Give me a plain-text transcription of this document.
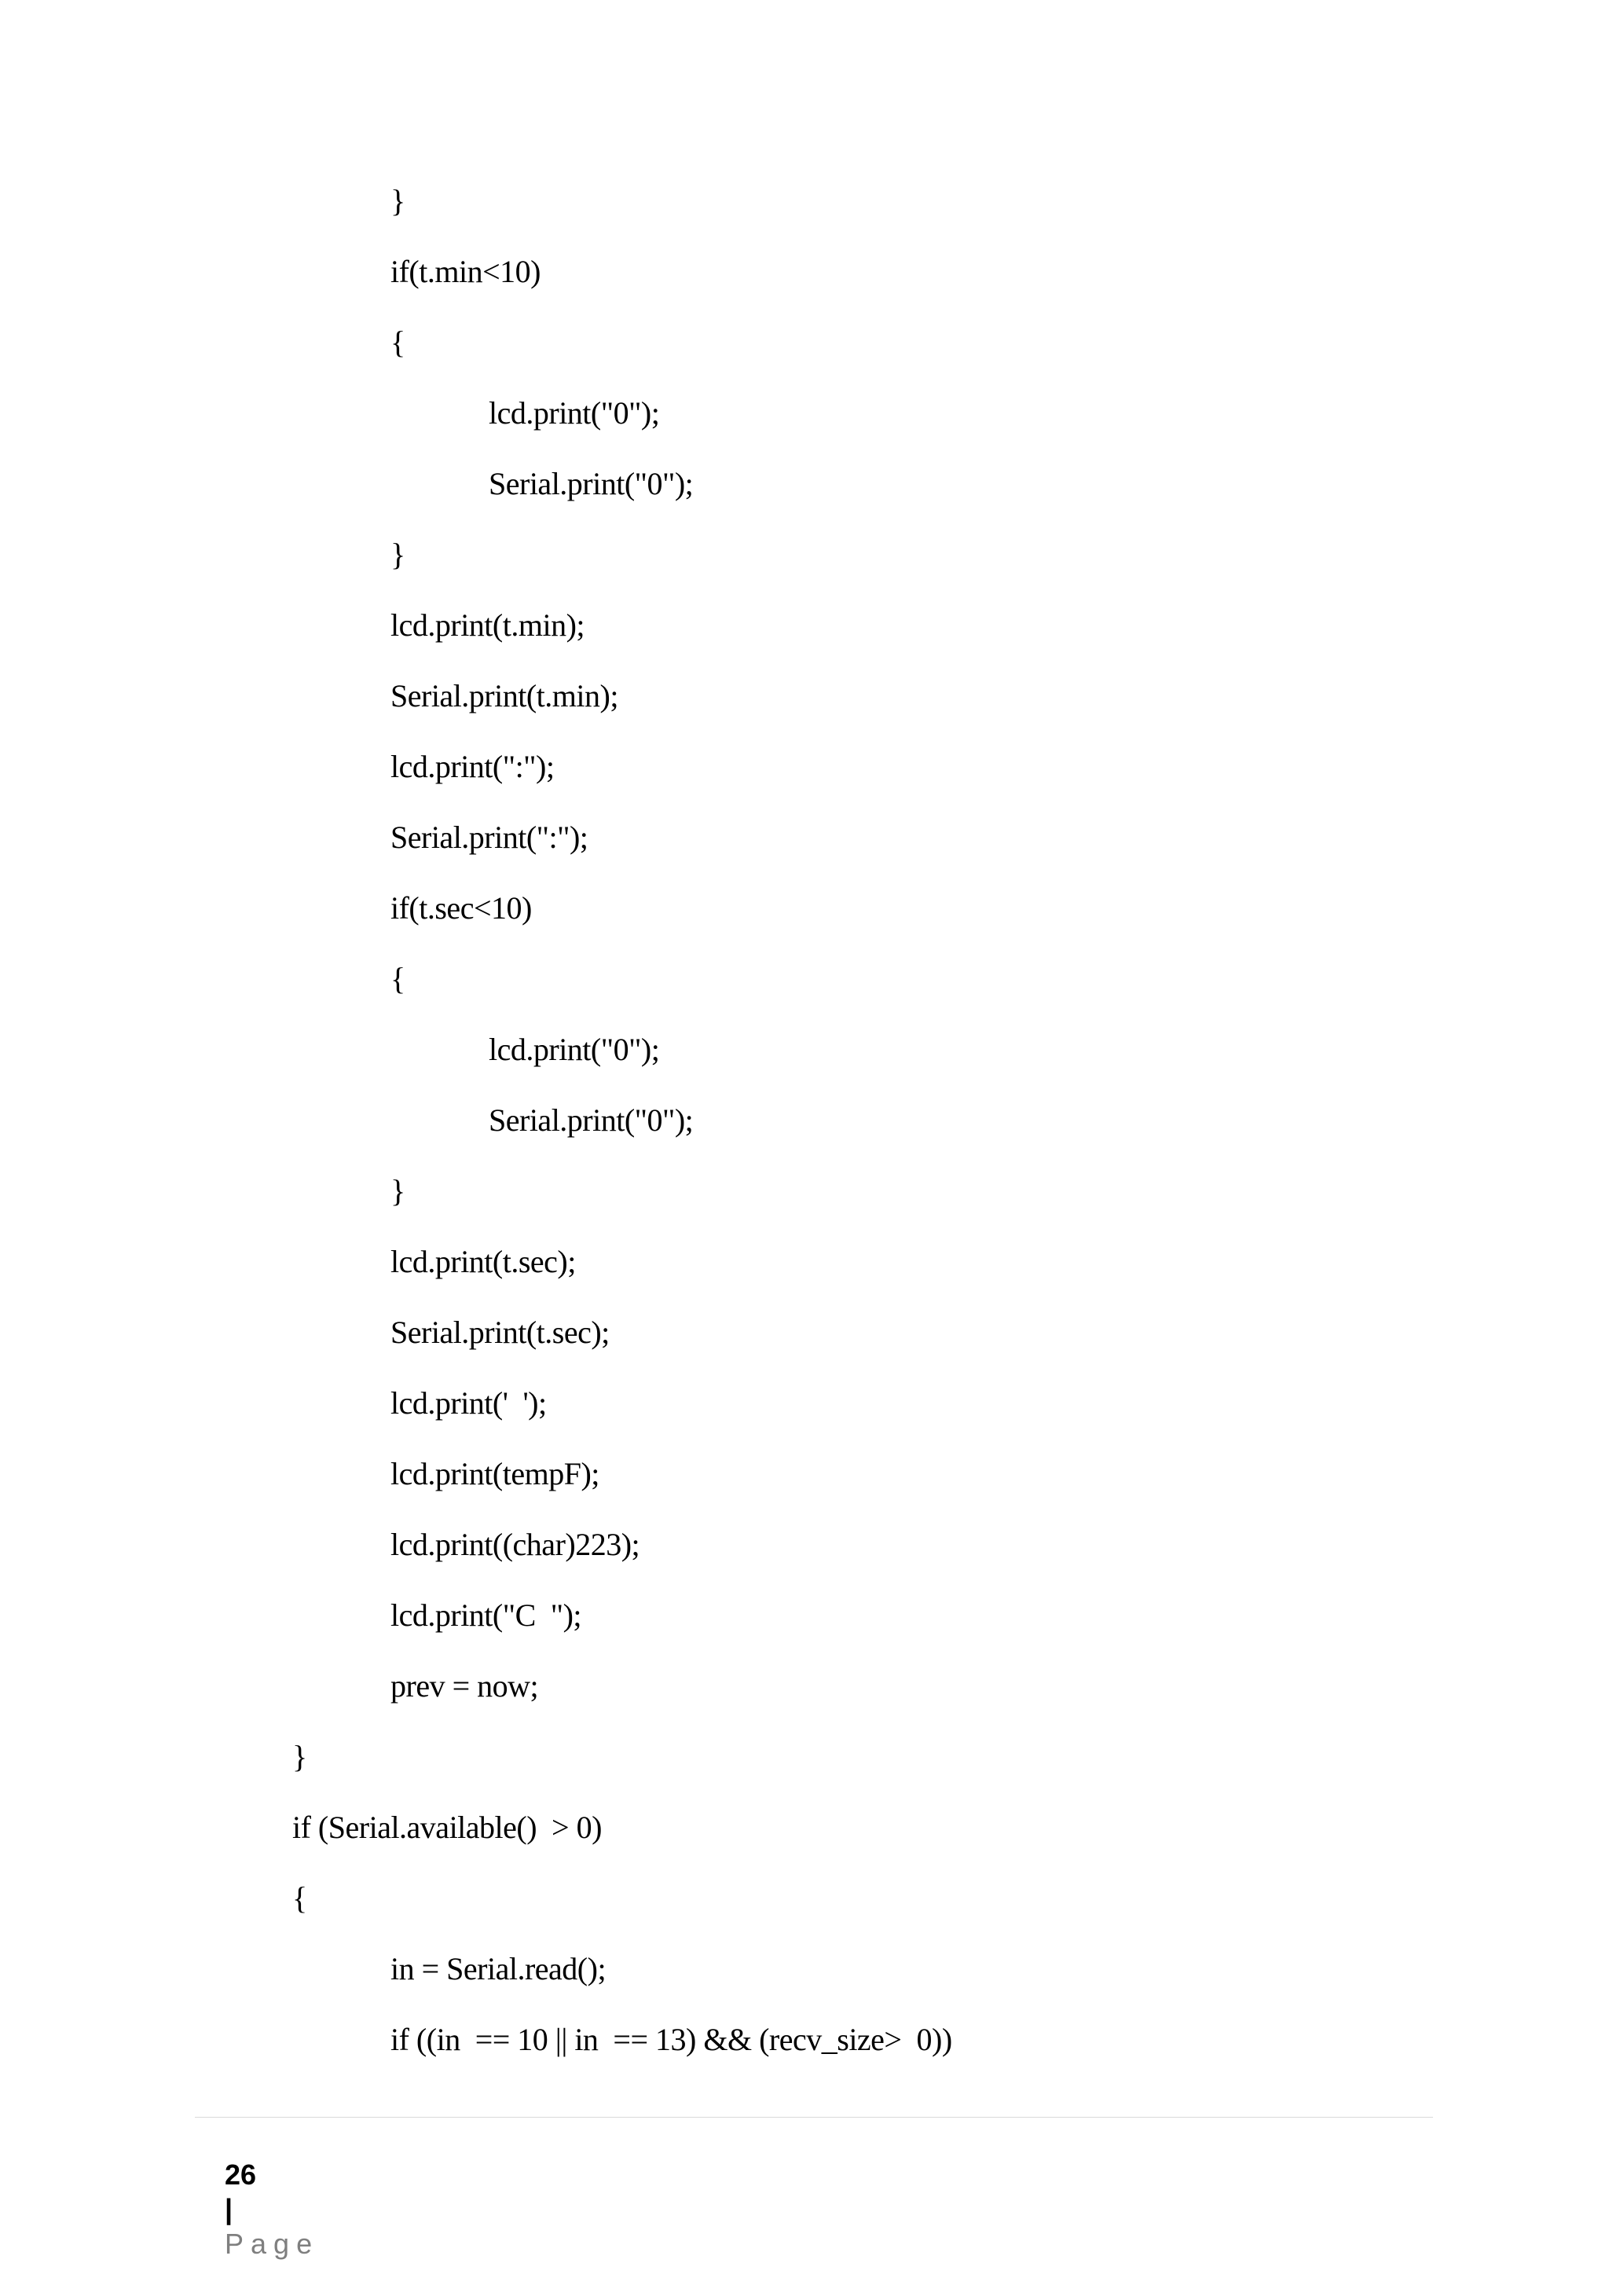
}
if(t.min<10)
{
lcd.print("0");
Serial.print("0");
}
lcd.print(t.min);
Serial.print(t.min);
lcd.print(":");
Serial.print(":");
if(t.sec<10)
{
lcd.print("0");
Serial.print("0");
}
lcd.print(t.sec);
Serial.print(t.sec);
lcd.print('  ');
lcd.print(tempF);
lcd.print((char)223);
lcd.print("C  ");
prev = now;
}
if (Serial.available()  > 0)
{
in = Serial.read();
if ((in  == 10 || in  == 13) && (recv_size>  0))

26
|
Page
